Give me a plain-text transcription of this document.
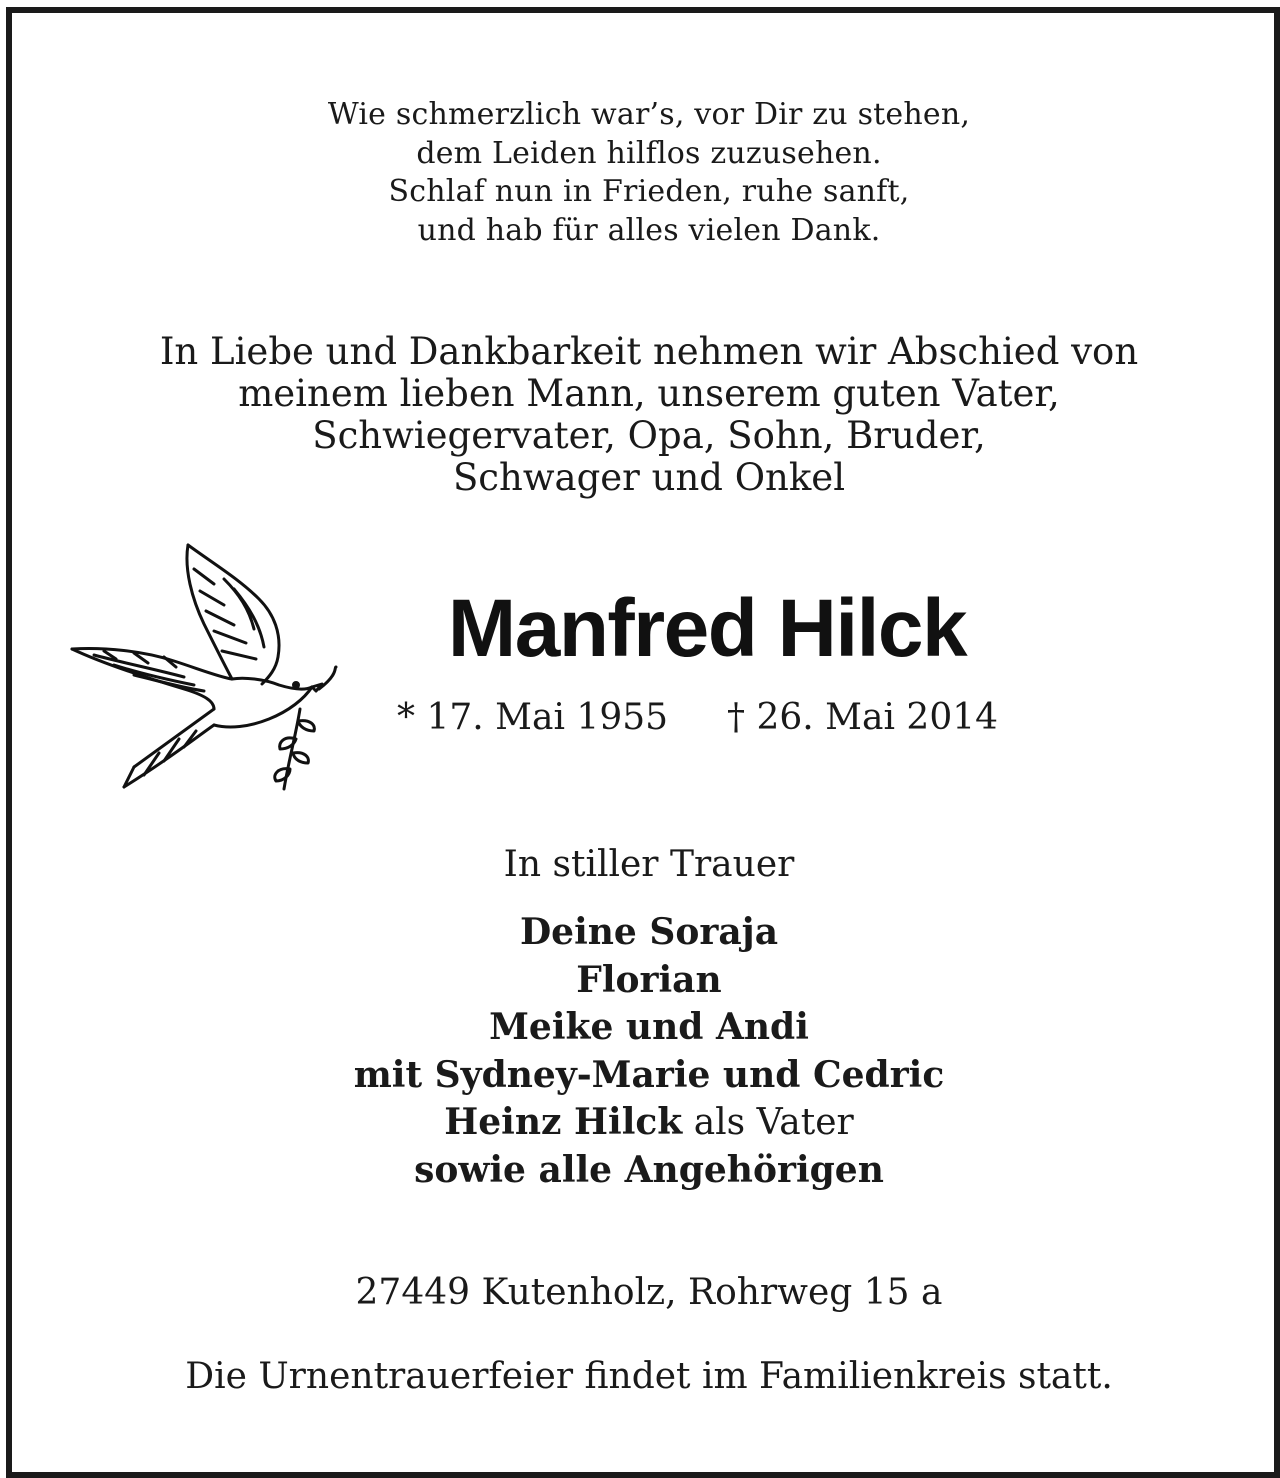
Wie schmerzlich war’s, vor Dir zu stehen,
dem Leiden hilflos zuzusehen.
Schlaf nun in Frieden, ruhe sanft,
und hab für alles vielen Dank.
In Liebe und Dankbarkeit nehmen wir Abschied von
meinem lieben Mann, unserem guten Vater,
Schwiegervater, Opa, Sohn, Bruder,
Schwager und Onkel
Manfred Hilck
* 17. Mai 1955 † 26. Mai 2014
In stiller Trauer
Deine Soraja
Florian
Meike und Andi
mit Sydney-Marie und Cedric
Heinz Hilck als Vater
sowie alle Angehörigen
27449 Kutenholz, Rohrweg 15 a
Die Urnentrauerfeier findet im Familienkreis statt.
